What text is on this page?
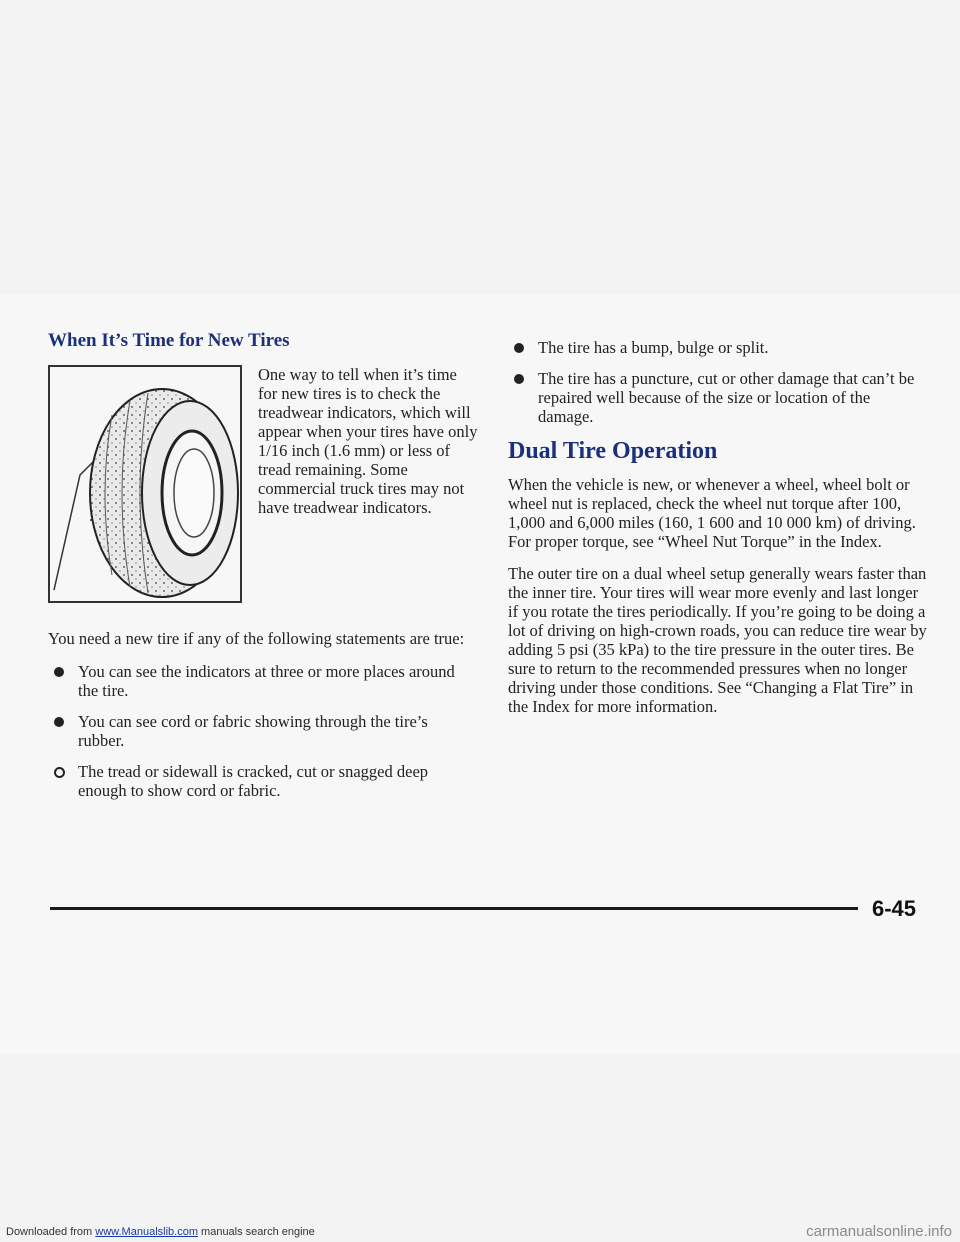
When It’s Time for New Tires

One way to tell when it’s time for new tires is to check the treadwear indicators, which will appear when your tires have only 1/16 inch (1.6 mm) or less of tread remaining. Some commercial truck tires may not have treadwear indicators.

You need a new tire if any of the following statements are true:

You can see the indicators at three or more places around the tire.
You can see cord or fabric showing through the tire’s rubber.
The tread or sidewall is cracked, cut or snagged deep enough to show cord or fabric.
The tire has a bump, bulge or split.
The tire has a puncture, cut or other damage that can’t be repaired well because of the size or location of the damage.
Dual Tire Operation

When the vehicle is new, or whenever a wheel, wheel bolt or wheel nut is replaced, check the wheel nut torque after 100, 1,000 and 6,000 miles (160, 1 600 and 10 000 km) of driving. For proper torque, see “Wheel Nut Torque” in the Index.

The outer tire on a dual wheel setup generally wears faster than the inner tire. Your tires will wear more evenly and last longer if you rotate the tires periodically. If you’re going to be doing a lot of driving on high-crown roads, you can reduce tire wear by adding 5 psi (35 kPa) to the tire pressure in the outer tires. Be sure to return to the recommended pressures when no longer driving under those conditions. See “Changing a Flat Tire” in the Index for more information.

6-45
Downloaded from www.Manualslib.com manuals search engine	carmanualsonline.info
